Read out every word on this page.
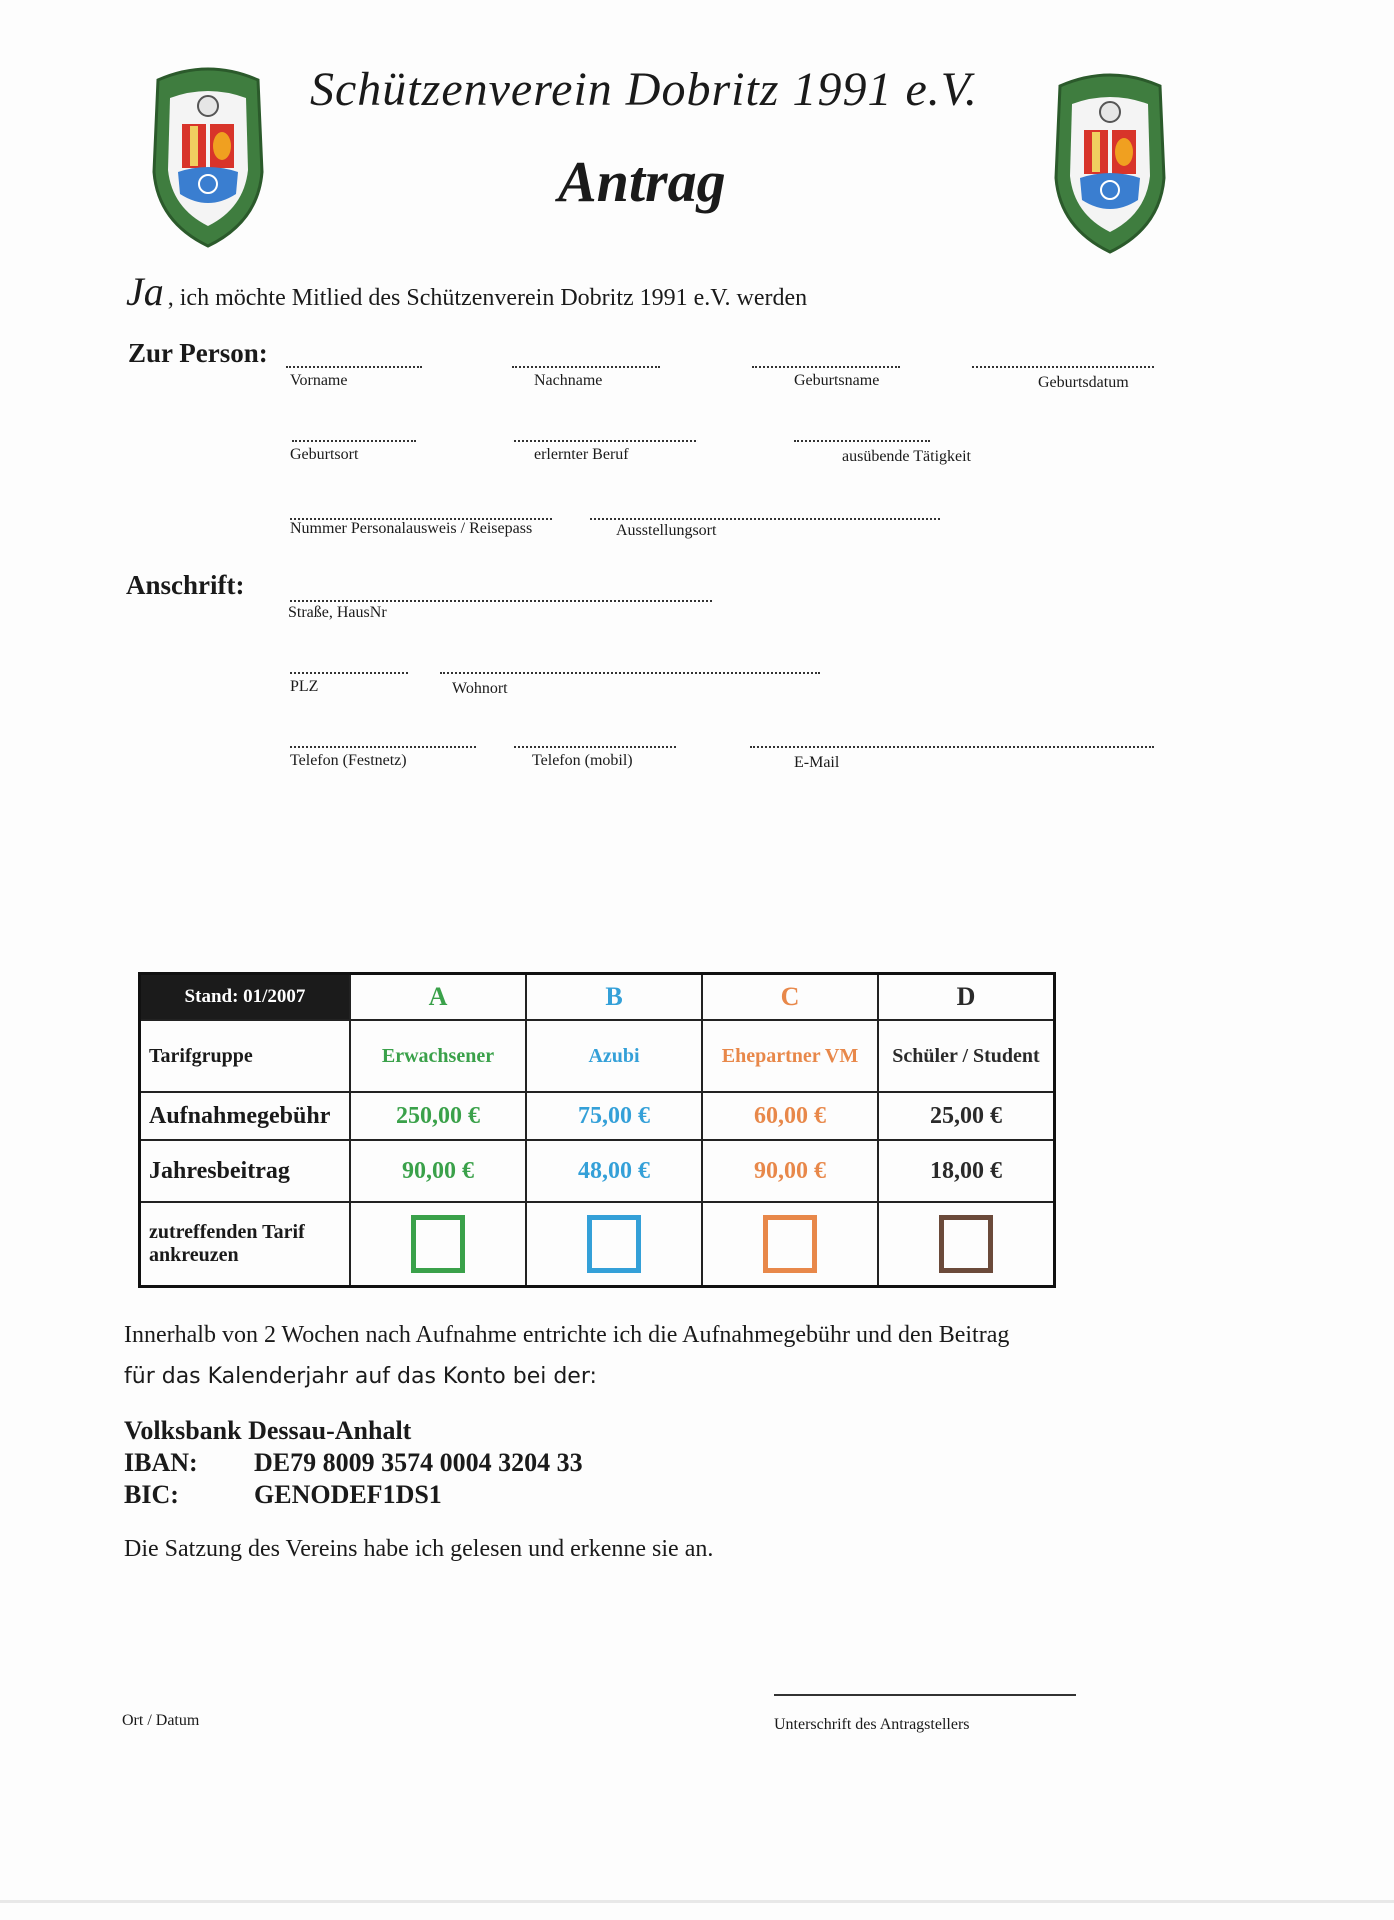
Schützenverein Dobritz 1991 e.V.
Antrag
Ja , ich möchte Mitlied des Schützenverein Dobritz 1991 e.V. werden
Zur Person:
Vorname	Nachname	Geburtsname	Geburtsdatum
Geburtsort	erlernter Beruf	ausübende Tätigkeit
Nummer Personalausweis / Reisepass	Ausstellungsort
Anschrift:
Straße, HausNr
PLZ	Wohnort
Telefon (Festnetz)	Telefon (mobil)	E-Mail
Stand: 01/2007	A	B	C	D
Tarifgruppe	Erwachsener	Azubi	Ehepartner VM	Schüler / Student
Aufnahmegebühr	250,00 €	75,00 €	60,00 €	25,00 €
Jahresbeitrag	90,00 €	48,00 €	90,00 €	18,00 €

zutreffenden Tarif
ankreuzen				

Innerhalb von 2 Wochen nach Aufnahme entrichte ich die Aufnahmegebühr und den Beitrag
für das Kalenderjahr auf das Konto bei der:
Volksbank Dessau-Anhalt
IBAN: DE79 8009 3574 0004 3204 33
BIC:	GENODEF1DS1
Die Satzung des Vereins habe ich gelesen und erkenne sie an.
Ort / Datum	Unterschrift des Antragstellers
